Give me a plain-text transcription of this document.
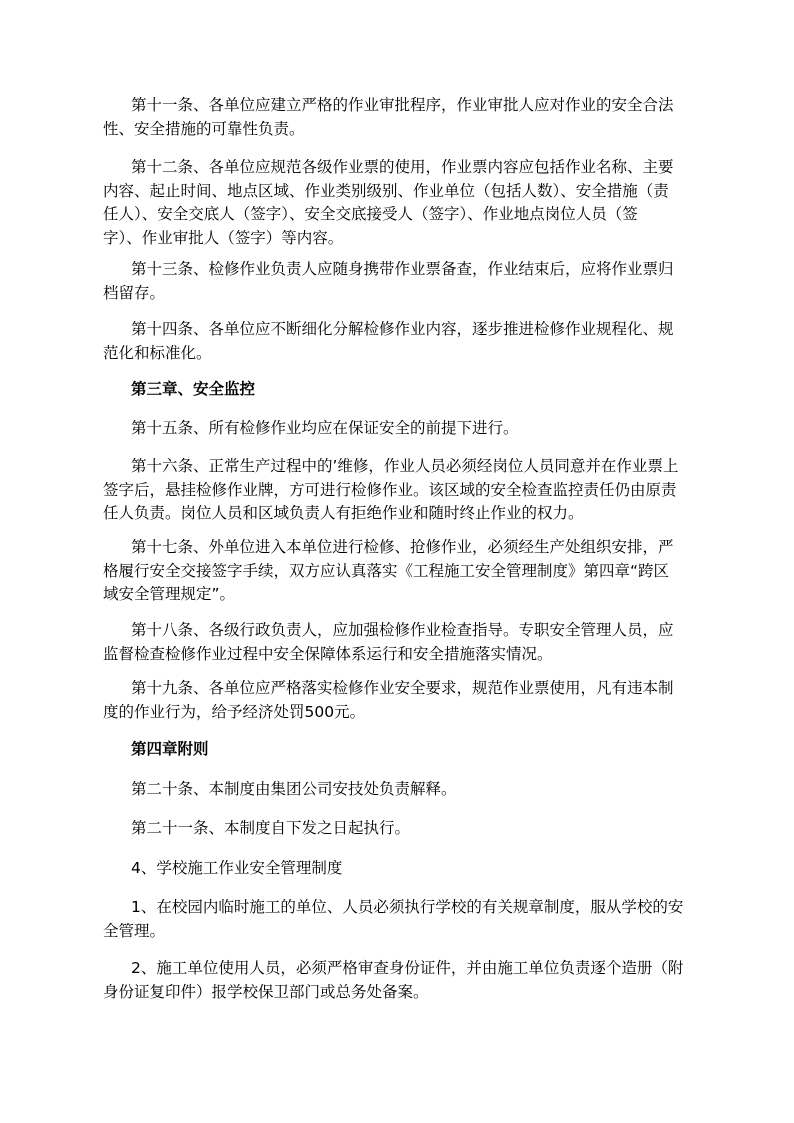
第十一条、各单位应建立严格的作业审批程序，作业审批人应对作业的安全合法
性、安全措施的可靠性负责。

第十二条、各单位应规范各级作业票的使用，作业票内容应包括作业名称、主要
内容、起止时间、地点区域、作业类别级别、作业单位（包括人数）、安全措施（责
任人）、安全交底人（签字）、安全交底接受人（签字）、作业地点岗位人员（签
字）、作业审批人（签字）等内容。

第十三条、检修作业负责人应随身携带作业票备查，作业结束后，应将作业票归
档留存。

第十四条、各单位应不断细化分解检修作业内容，逐步推进检修作业规程化、规
范化和标准化。

第三章、安全监控

第十五条、所有检修作业均应在保证安全的前提下进行。

第十六条、正常生产过程中的’维修，作业人员必须经岗位人员同意并在作业票上
签字后，悬挂检修作业牌，方可进行检修作业。该区域的安全检查监控责任仍由原责
任人负责。岗位人员和区域负责人有拒绝作业和随时终止作业的权力。

第十七条、外单位进入本单位进行检修、抢修作业，必须经生产处组织安排，严
格履行安全交接签字手续，双方应认真落实《工程施工安全管理制度》第四章“跨区
域安全管理规定”。

第十八条、各级行政负责人，应加强检修作业检查指导。专职安全管理人员，应
监督检查检修作业过程中安全保障体系运行和安全措施落实情况。

第十九条、各单位应严格落实检修作业安全要求，规范作业票使用，凡有违本制
度的作业行为，给予经济处罚500元。

第四章附则

第二十条、本制度由集团公司安技处负责解释。

第二十一条、本制度自下发之日起执行。

4、学校施工作业安全管理制度

1、在校园内临时施工的单位、人员必须执行学校的有关规章制度，服从学校的安
全管理。

2、施工单位使用人员，必须严格审查身份证件，并由施工单位负责逐个造册（附
身份证复印件）报学校保卫部门或总务处备案。
